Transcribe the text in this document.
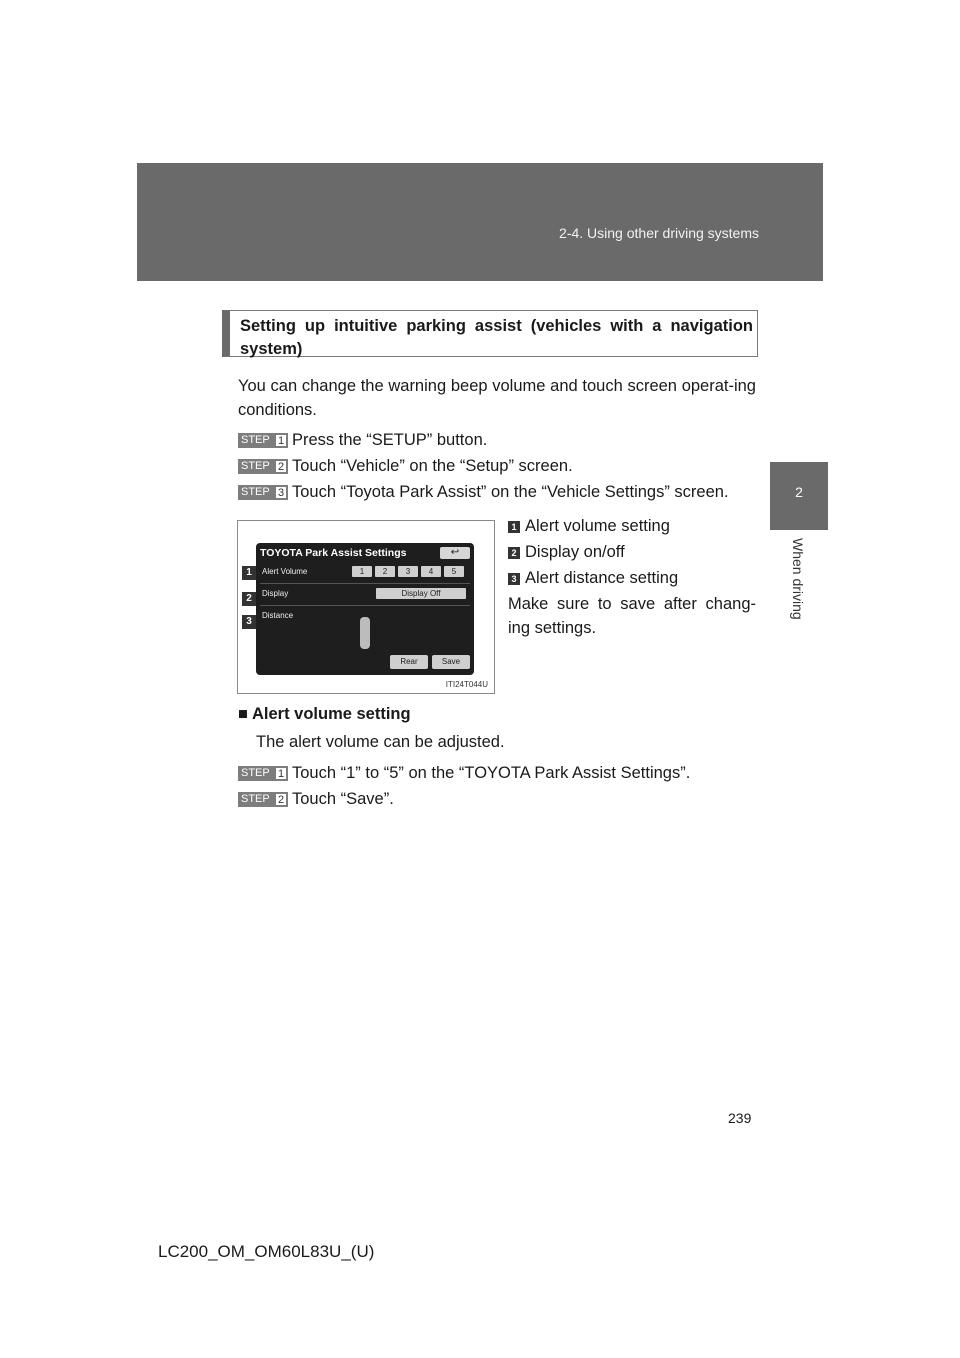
2-4. Using other driving systems
2
When driving
Setting up intuitive parking assist (vehicles with a navigation system)
You can change the warning beep volume and touch screen operat-ing conditions.
STEP 1 Press the “SETUP” button.
STEP 2 Touch “Vehicle” on the “Setup” screen.
STEP 3 Touch “Toyota Park Assist” on the “Vehicle Settings” screen.
TOYOTA Park Assist Settings	↩
Alert Volume	1	2	3	4	5
Display	Display Off
Distance
Rear	Save
1
2
3
ITI24T044U
1 Alert volume setting
2 Display on/off
3 Alert distance setting
Make sure to save after chang-ing settings.
■ Alert volume setting
The alert volume can be adjusted.
STEP 1 Touch “1” to “5” on the “TOYOTA Park Assist Settings”.
STEP 2 Touch “Save”.
239
LC200_OM_OM60L83U_(U)
